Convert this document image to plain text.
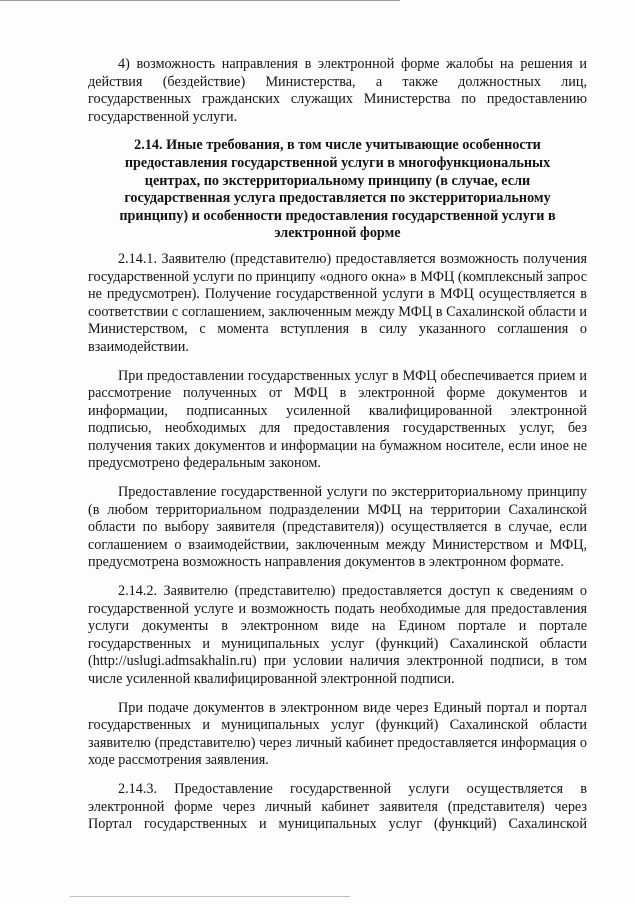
4) возможность направления в электронной форме жалобы на решения и действия (бездействие) Министерства, а также должностных лиц, государственных гражданских служащих Министерства по предоставлению государственной услуги.

2.14. Иные требования, в том числе учитывающие особенности предоставления государственной услуги в многофункциональных центрах, по экстерриториальному принципу (в случае, если государственная услуга предоставляется по экстерриториальному принципу) и особенности предоставления государственной услуги в электронной форме

2.14.1. Заявителю (представителю) предоставляется возможность получения государственной услуги по принципу «одного окна» в МФЦ (комплексный запрос не предусмотрен). Получение государственной услуги в МФЦ осуществляется в соответствии с соглашением, заключенным между МФЦ в Сахалинской области и Министерством, с момента вступления в силу указанного соглашения о взаимодействии.

При предоставлении государственных услуг в МФЦ обеспечивается прием и рассмотрение полученных от МФЦ в электронной форме документов и информации, подписанных усиленной квалифицированной электронной подписью, необходимых для предоставления государственных услуг, без получения таких документов и информации на бумажном носителе, если иное не предусмотрено федеральным законом.

Предоставление государственной услуги по экстерриториальному принципу (в любом территориальном подразделении МФЦ на территории Сахалинской области по выбору заявителя (представителя)) осуществляется в случае, если соглашением о взаимодействии, заключенным между Министерством и МФЦ, предусмотрена возможность направления документов в электронном формате.

2.14.2. Заявителю (представителю) предоставляется доступ к сведениям о государственной услуге и возможность подать необходимые для предоставления услуги документы в электронном виде на Едином портале и портале государственных и муниципальных услуг (функций) Сахалинской области (http://uslugi.admsakhalin.ru) при условии наличия электронной подписи, в том числе усиленной квалифицированной электронной подписи.

При подаче документов в электронном виде через Единый портал и портал государственных и муниципальных услуг (функций) Сахалинской области заявителю (представителю) через личный кабинет предоставляется информация о ходе рассмотрения заявления.

2.14.3. Предоставление государственной услуги осуществляется в электронной форме через личный кабинет заявителя (представителя) через Портал государственных и муниципальных услуг (функций) Сахалинской
